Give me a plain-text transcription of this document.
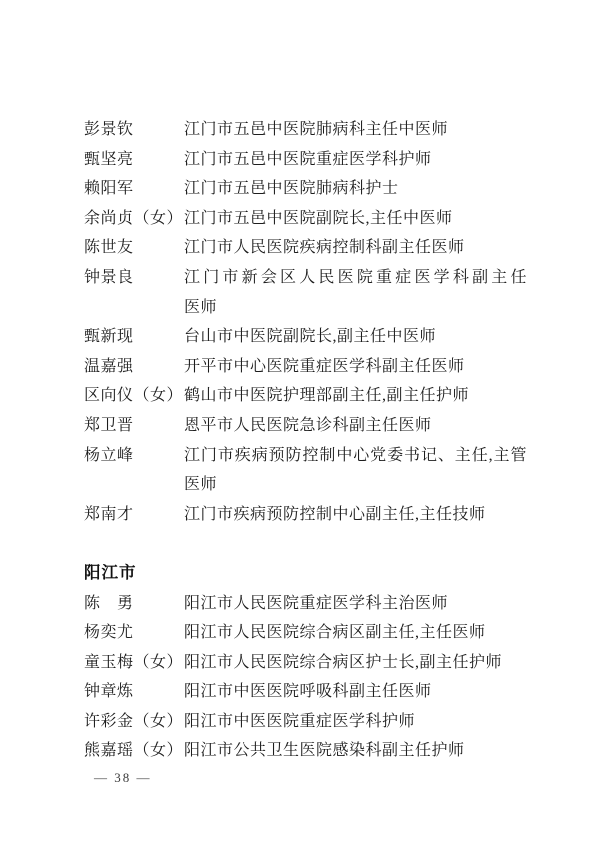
彭景钦	江门市五邑中医院肺病科主任中医师
甄坚亮	江门市五邑中医院重症医学科护师
赖阳军	江门市五邑中医院肺病科护士
余尚贞（女） 江门市五邑中医院副院长,主任中医师
陈世友	江门市人民医院疾病控制科副主任医师
钟景良	江门市新会区人民医院重症医学科副主任
医师
甄新现	台山市中医院副院长,副主任中医师
温嘉强	开平市中心医院重症医学科副主任医师
区向仪（女） 鹤山市中医院护理部副主任,副主任护师
郑卫晋	恩平市人民医院急诊科副主任医师
杨立峰	江门市疾病预防控制中心党委书记、主任,主管
医师
郑南才	江门市疾病预防控制中心副主任,主任技师
阳江市
陈　勇	阳江市人民医院重症医学科主治医师
杨奕尤	阳江市人民医院综合病区副主任,主任医师
童玉梅（女） 阳江市人民医院综合病区护士长,副主任护师
钟章炼	阳江市中医医院呼吸科副主任医师
许彩金（女） 阳江市中医医院重症医学科护师
熊嘉瑶（女） 阳江市公共卫生医院感染科副主任护师
— 38 —
